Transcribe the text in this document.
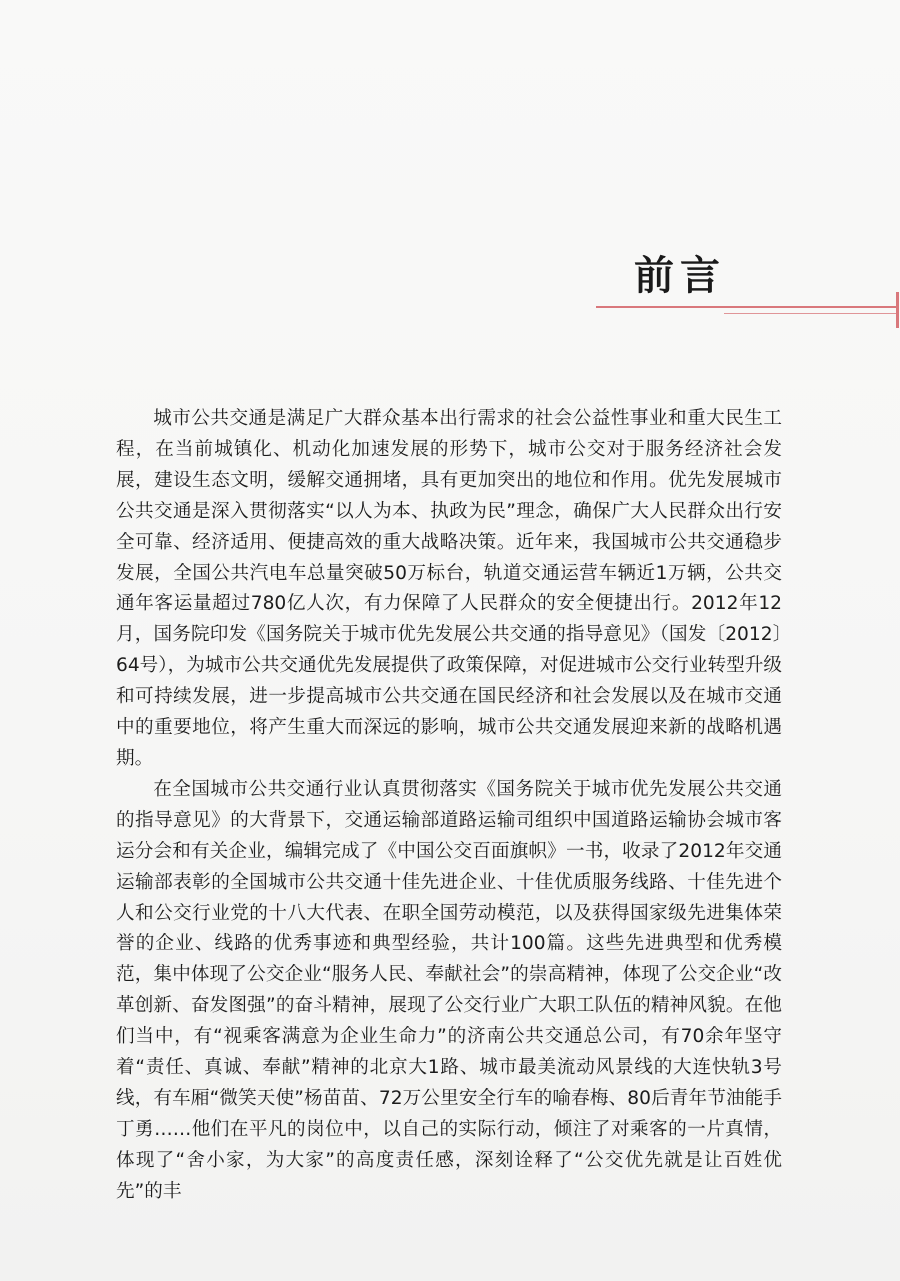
前言

城市公共交通是满足广大群众基本出行需求的社会公益性事业和重大民生工程，在当前城镇化、机动化加速发展的形势下，城市公交对于服务经济社会发展，建设生态文明，缓解交通拥堵，具有更加突出的地位和作用。优先发展城市公共交通是深入贯彻落实“以人为本、执政为民”理念，确保广大人民群众出行安全可靠、经济适用、便捷高效的重大战略决策。近年来，我国城市公共交通稳步发展，全国公共汽电车总量突破50万标台，轨道交通运营车辆近1万辆，公共交通年客运量超过780亿人次，有力保障了人民群众的安全便捷出行。2012年12月，国务院印发《国务院关于城市优先发展公共交通的指导意见》（国发〔2012〕64号），为城市公共交通优先发展提供了政策保障，对促进城市公交行业转型升级和可持续发展，进一步提高城市公共交通在国民经济和社会发展以及在城市交通中的重要地位，将产生重大而深远的影响，城市公共交通发展迎来新的战略机遇期。

在全国城市公共交通行业认真贯彻落实《国务院关于城市优先发展公共交通的指导意见》的大背景下，交通运输部道路运输司组织中国道路运输协会城市客运分会和有关企业，编辑完成了《中国公交百面旗帜》一书，收录了2012年交通运输部表彰的全国城市公共交通十佳先进企业、十佳优质服务线路、十佳先进个人和公交行业党的十八大代表、在职全国劳动模范，以及获得国家级先进集体荣誉的企业、线路的优秀事迹和典型经验，共计100篇。这些先进典型和优秀模范，集中体现了公交企业“服务人民、奉献社会”的崇高精神，体现了公交企业“改革创新、奋发图强”的奋斗精神，展现了公交行业广大职工队伍的精神风貌。在他们当中，有“视乘客满意为企业生命力”的济南公共交通总公司，有70余年坚守着“责任、真诚、奉献”精神的北京大1路、城市最美流动风景线的大连快轨3号线，有车厢“微笑天使”杨苗苗、72万公里安全行车的喻春梅、80后青年节油能手丁勇……他们在平凡的岗位中，以自己的实际行动，倾注了对乘客的一片真情，体现了“舍小家，为大家”的高度责任感，深刻诠释了“公交优先就是让百姓优先”的丰
